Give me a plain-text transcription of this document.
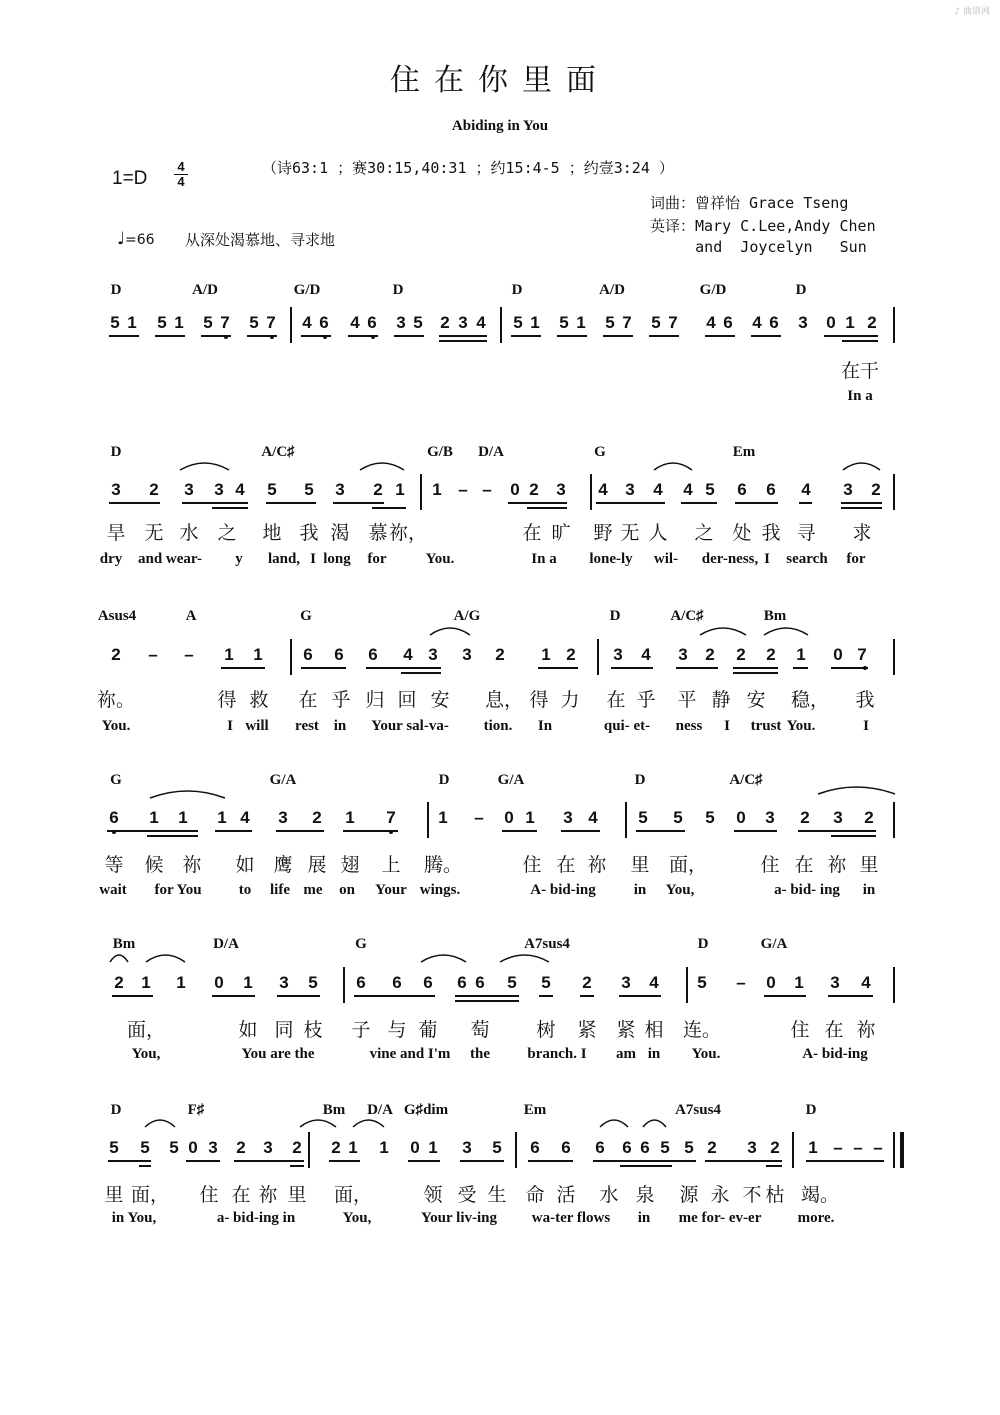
♪ 曲谱网
住在你里面
Abiding in You
1=D
4
4
（诗63:1 ；赛30:15,40:31 ；约15:4-5 ；约壹3:24 ）
词曲：曾祥怡 Grace Tseng
英译：Mary C.Lee,Andy Chen
and  Joycelyn   Sun
♩=66 从深处渴慕地、寻求地
D	A/D	G/D	D	D	A/D	G/D	D
5 1 5 1 5 7 5 7 4 6 4 6 3 5 2 3 4 5 1 5 1 5 7 5 7 4 6 4 6 3 0 1 2
在干
In a
D	A/C♯	G/B D/A	G	Em
3 2 3 3 4 5 5 3 2 1 1 – – 0 2 3 4 3 4 4 5 6 6 4 3 2
旱 无 水 之 地 我 渴 慕 祢，	在 旷 野 无 人 之 处 我 寻 求
dry and wear- y land, I long for	You.	In a lone-ly wil- der-ness, I search for
Asus4	A	G	A/G	D	A/C♯	Bm
2 – – 1 1 6 6 6 4 3 3 2 1 2 3 4 3 2 2 2 1 0 7
祢。	得 救 在 乎 归 回 安 息， 得 力 在 乎 平 静 安 稳， 我
You.	I will rest in Your sal-va- tion. In	qui- et- ness I trust You.	I
G	G/A	D	G/A	D	A/C♯
6 1 1 1 4 3 2 1 7	1 – 0 1 3 4 5 5 5 0 3 2 3 2
等 候 祢 如 鹰 展 翅 上 腾。	住 在 祢 里 面，	住 在 祢 里
wait for You to life me on Your wings.	A- bid-ing	in You,	a- bid- ing in
Bm	D/A	G	A7sus4	D	G/A
2 1 1 0 1 3 5 6 6 6 6 6 5 5 2 3 4 5 – 0 1 3 4
面，	如 同 枝 子 与 葡 萄 树 紧 紧 相 连。	住 在 祢
You,	You are the	vine and I'm the branch. I am in You.	A- bid-ing
D	F♯	Bm D/A G♯dim	Em	A7sus4	D
5 5 5 0 3 2 3 2 2 1 1 0 1 3 5 6 6 6 6 6 5 5 2 3 2 1 – – –
里 面， 住 在 祢 里 面，	领 受 生 命 活 水 泉 源 永 不 枯 竭。
in You,	a- bid-ing in	You,	Your liv-ing wa-ter flows in me for- ev-er more.
